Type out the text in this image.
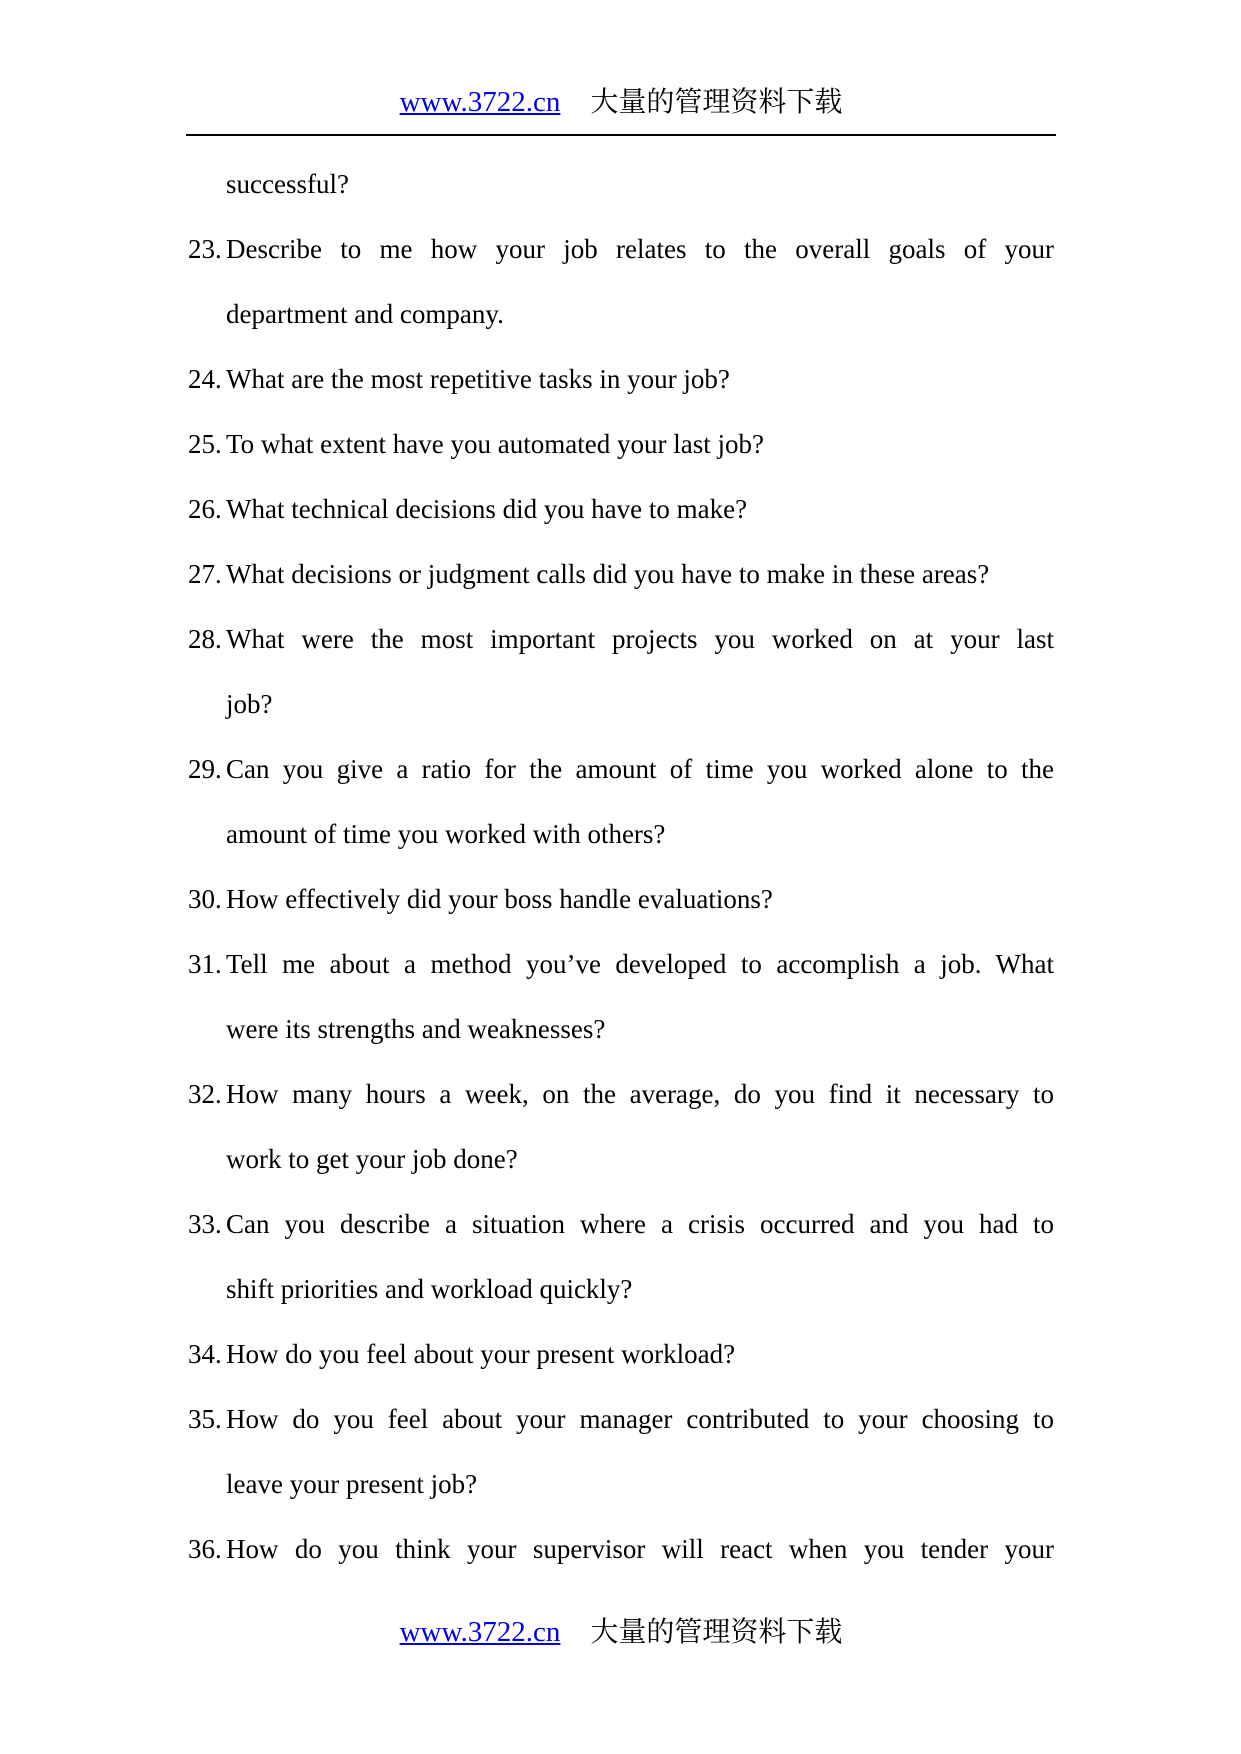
www.3722.cn 大量的管理资料下载
successful?
23. Describe to me how your job relates to the overall goals of your
department and company.
24. What are the most repetitive tasks in your job?
25. To what extent have you automated your last job?
26. What technical decisions did you have to make?
27. What decisions or judgment calls did you have to make in these areas?
28. What were the most important projects you worked on at your last
job?
29. Can you give a ratio for the amount of time you worked alone to the
amount of time you worked with others?
30. How effectively did your boss handle evaluations?
31. Tell me about a method you’ve developed to accomplish a job. What
were its strengths and weaknesses?
32. How many hours a week, on the average, do you find it necessary to
work to get your job done?
33. Can you describe a situation where a crisis occurred and you had to
shift priorities and workload quickly?
34. How do you feel about your present workload?
35. How do you feel about your manager contributed to your choosing to
leave your present job?
36. How do you think your supervisor will react when you tender your
www.3722.cn 大量的管理资料下载
